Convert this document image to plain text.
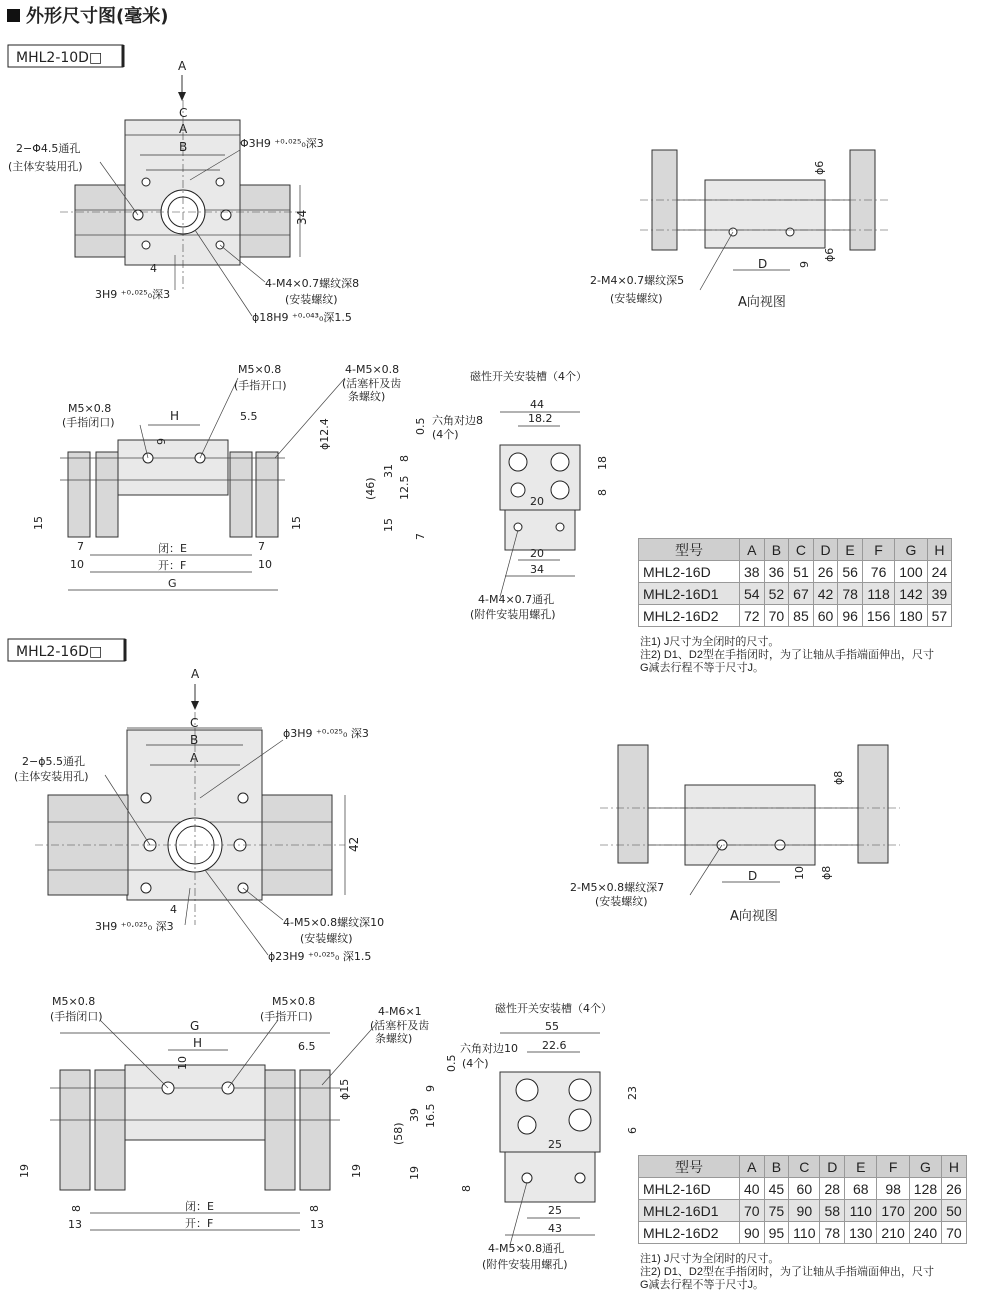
外形尺寸图(毫米)
MHL2-10D□	A
C
A
B
2−Φ4.5通孔
(主体安装用孔)
Φ3H9 ⁺⁰·⁰²⁵₀深3
34
4
3H9 ⁺⁰·⁰²⁵₀深3
4-M4×0.7螺纹深8
(安装螺纹)
ϕ18H9 ⁺⁰·⁰⁴³₀深1.5
ϕ6
ϕ6
9
D
2-M4×0.7螺纹深5
(安装螺纹)	A向视图
M5×0.8
(手指闭口)
M5×0.8
(手指开口)
4-M5×0.8
(活塞杆及齿
条螺纹)
H
9
5.5
ϕ12.4
15	15
7	7
10	10
闭：E
开：F
G
磁性开关安装槽（4个）
44
18.2
0.5 六角对边8
(4个)
8
31
12.5
(46)
15
7
20
18
8
20
34
4-M4×0.7通孔
(附件安装用螺孔)
MHL2-16D□
A
C
B
A
2−ϕ5.5通孔
(主体安装用孔)
ϕ3H9 ⁺⁰·⁰²⁵₀ 深3
42
4
3H9 ⁺⁰·⁰²⁵₀ 深3	4-M5×0.8螺纹深10
(安装螺纹)
ϕ23H9 ⁺⁰·⁰²⁵₀ 深1.5
ϕ8
ϕ8
10
D
2-M5×0.8螺纹深7
(安装螺纹)
A向视图
M5×0.8
(手指闭口)
M5×0.8
(手指开口)	4-M6×1
(活塞杆及齿
条螺纹)
G
H
10
6.5
ϕ15
19	19
8	8
13	13
闭：E
开：F
磁性开关安装槽（4个）
55
22.6
0.5
六角对边10
(4个)
9
16.5
39
(58)
19
8
25
23
6
25
43
4-M5×0.8通孔
(附件安装用螺孔)
型号	A	B	C	D	E	F	G	H
MHL2-16D	38	36	51	26	56	76	100	24
MHL2-16D1	54	52	67	42	78	118	142	39
MHL2-16D2	72	70	85	60	96	156	180	57
注1) J尺寸为全闭时的尺寸。
注2) D1、D2型在手指闭时，为了让轴从手指端面伸出，尺寸
G减去行程不等于尺寸J。
型号	A	B	C	D	E	F	G	H
MHL2-16D	40	45	60	28	68	98	128	26
MHL2-16D1	70	75	90	58	110	170	200	50
MHL2-16D2	90	95	110	78	130	210	240	70
注1) J尺寸为全闭时的尺寸。
注2) D1、D2型在手指闭时，为了让轴从手指端面伸出，尺寸
G减去行程不等于尺寸J。
